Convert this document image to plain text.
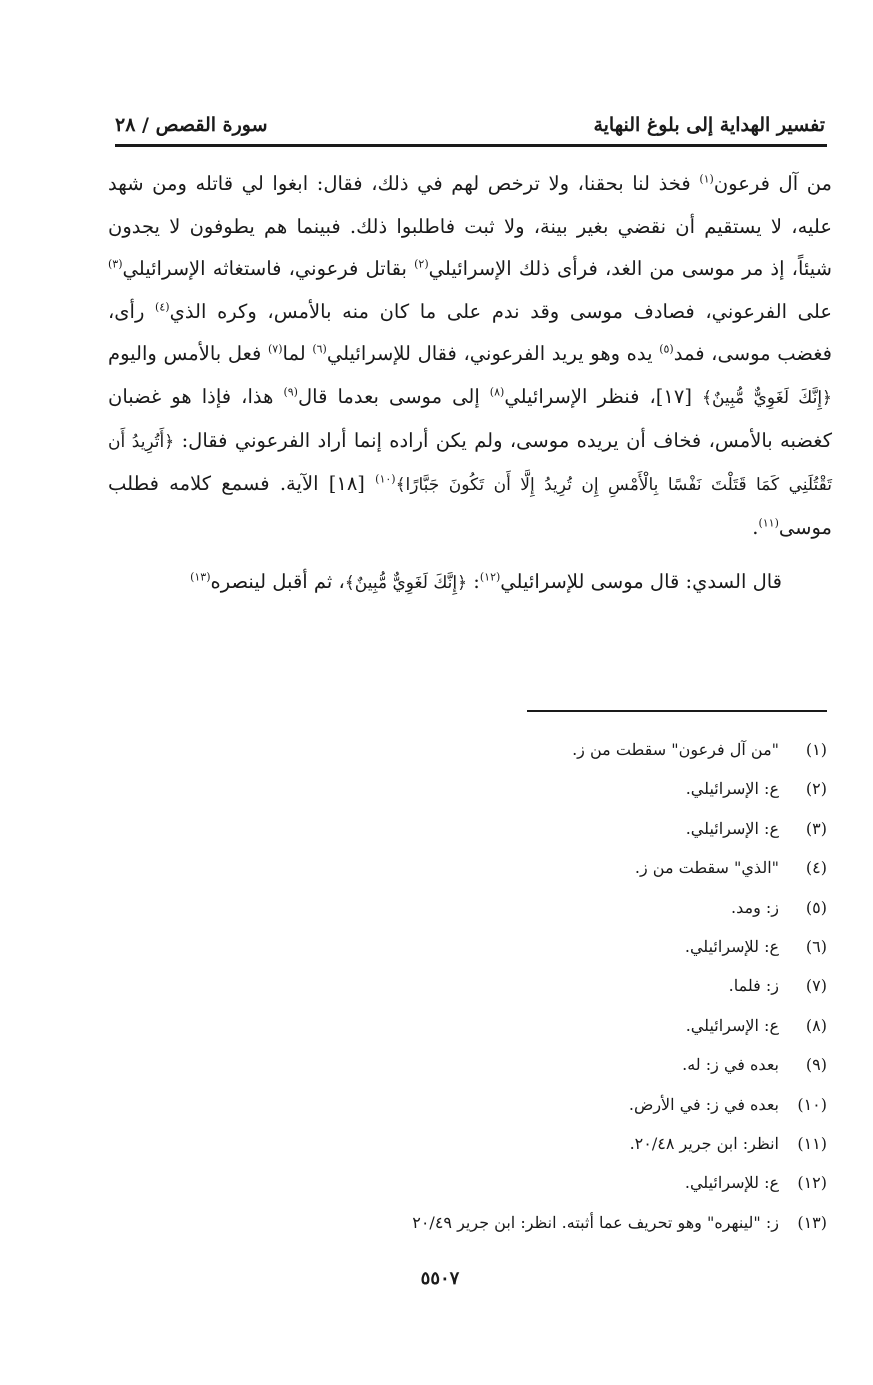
تفسير الهداية إلى بلوغ النهاية
سورة القصص / ٢٨

من آل فرعون$^{(١)}$ فخذ لنا بحقنا، ولا ترخص لهم في ذلك، فقال: ابغوا لي قاتله ومن شهد عليه، لا يستقيم أن نقضي بغير بينة، ولا ثبت فاطلبوا ذلك. فبينما هم يطوفون لا يجدون شيئاً، إذ مر موسى من الغد، فرأى ذلك الإسرائيلي$^{(٢)}$ بقاتل فرعوني، فاستغاثه الإسرائيلي$^{(٣)}$ على الفرعوني، فصادف موسى وقد ندم على ما كان منه بالأمس، وكره الذي$^{(٤)}$ رأى، فغضب موسى، فمد$^{(٥)}$ يده وهو يريد الفرعوني، فقال للإسرائيلي$^{(٦)}$ لما$^{(٧)}$ فعل بالأمس واليوم ﴿إِنَّكَ لَغَوِيٌّ مُّبِينٌ﴾ [١٧]، فنظر الإسرائيلي$^{(٨)}$ إلى موسى بعدما قال$^{(٩)}$ هذا، فإذا هو غضبان كغضبه بالأمس، فخاف أن يريده موسى، ولم يكن أراده إنما أراد الفرعوني فقال: ﴿أَتُرِيدُ أَن تَقْتُلَنِي كَمَا قَتَلْتَ نَفْسًا بِالْأَمْسِ إِن تُرِيدُ إِلَّا أَن تَكُونَ جَبَّارًا﴾$^{(١٠)}$ [١٨] الآية. فسمع كلامه فطلب موسى$^{(١١)}$.

قال السدي: قال موسى للإسرائيلي$^{(١٢)}$: ﴿إِنَّكَ لَغَوِيٌّ مُّبِينٌ﴾، ثم أقبل لينصره$^{(١٣)}$

(١)
"من آل فرعون" سقطت من ز.
(٢)
ع: الإسرائيلي.
(٣)
ع: الإسرائيلي.
(٤)
"الذي" سقطت من ز.
(٥)
ز: ومد.
(٦)
ع: للإسرائيلي.
(٧)
ز: فلما.
(٨)
ع: الإسرائيلي.
(٩)
بعده في ز: له.
(١٠)
بعده في ز: في الأرض.
(١١)
انظر: ابن جرير ٢٠/٤٨.
(١٢)
ع: للإسرائيلي.
(١٣)
ز: "لينهره" وهو تحريف عما أثبته. انظر: ابن جرير ٢٠/٤٩
٥٥٠٧
